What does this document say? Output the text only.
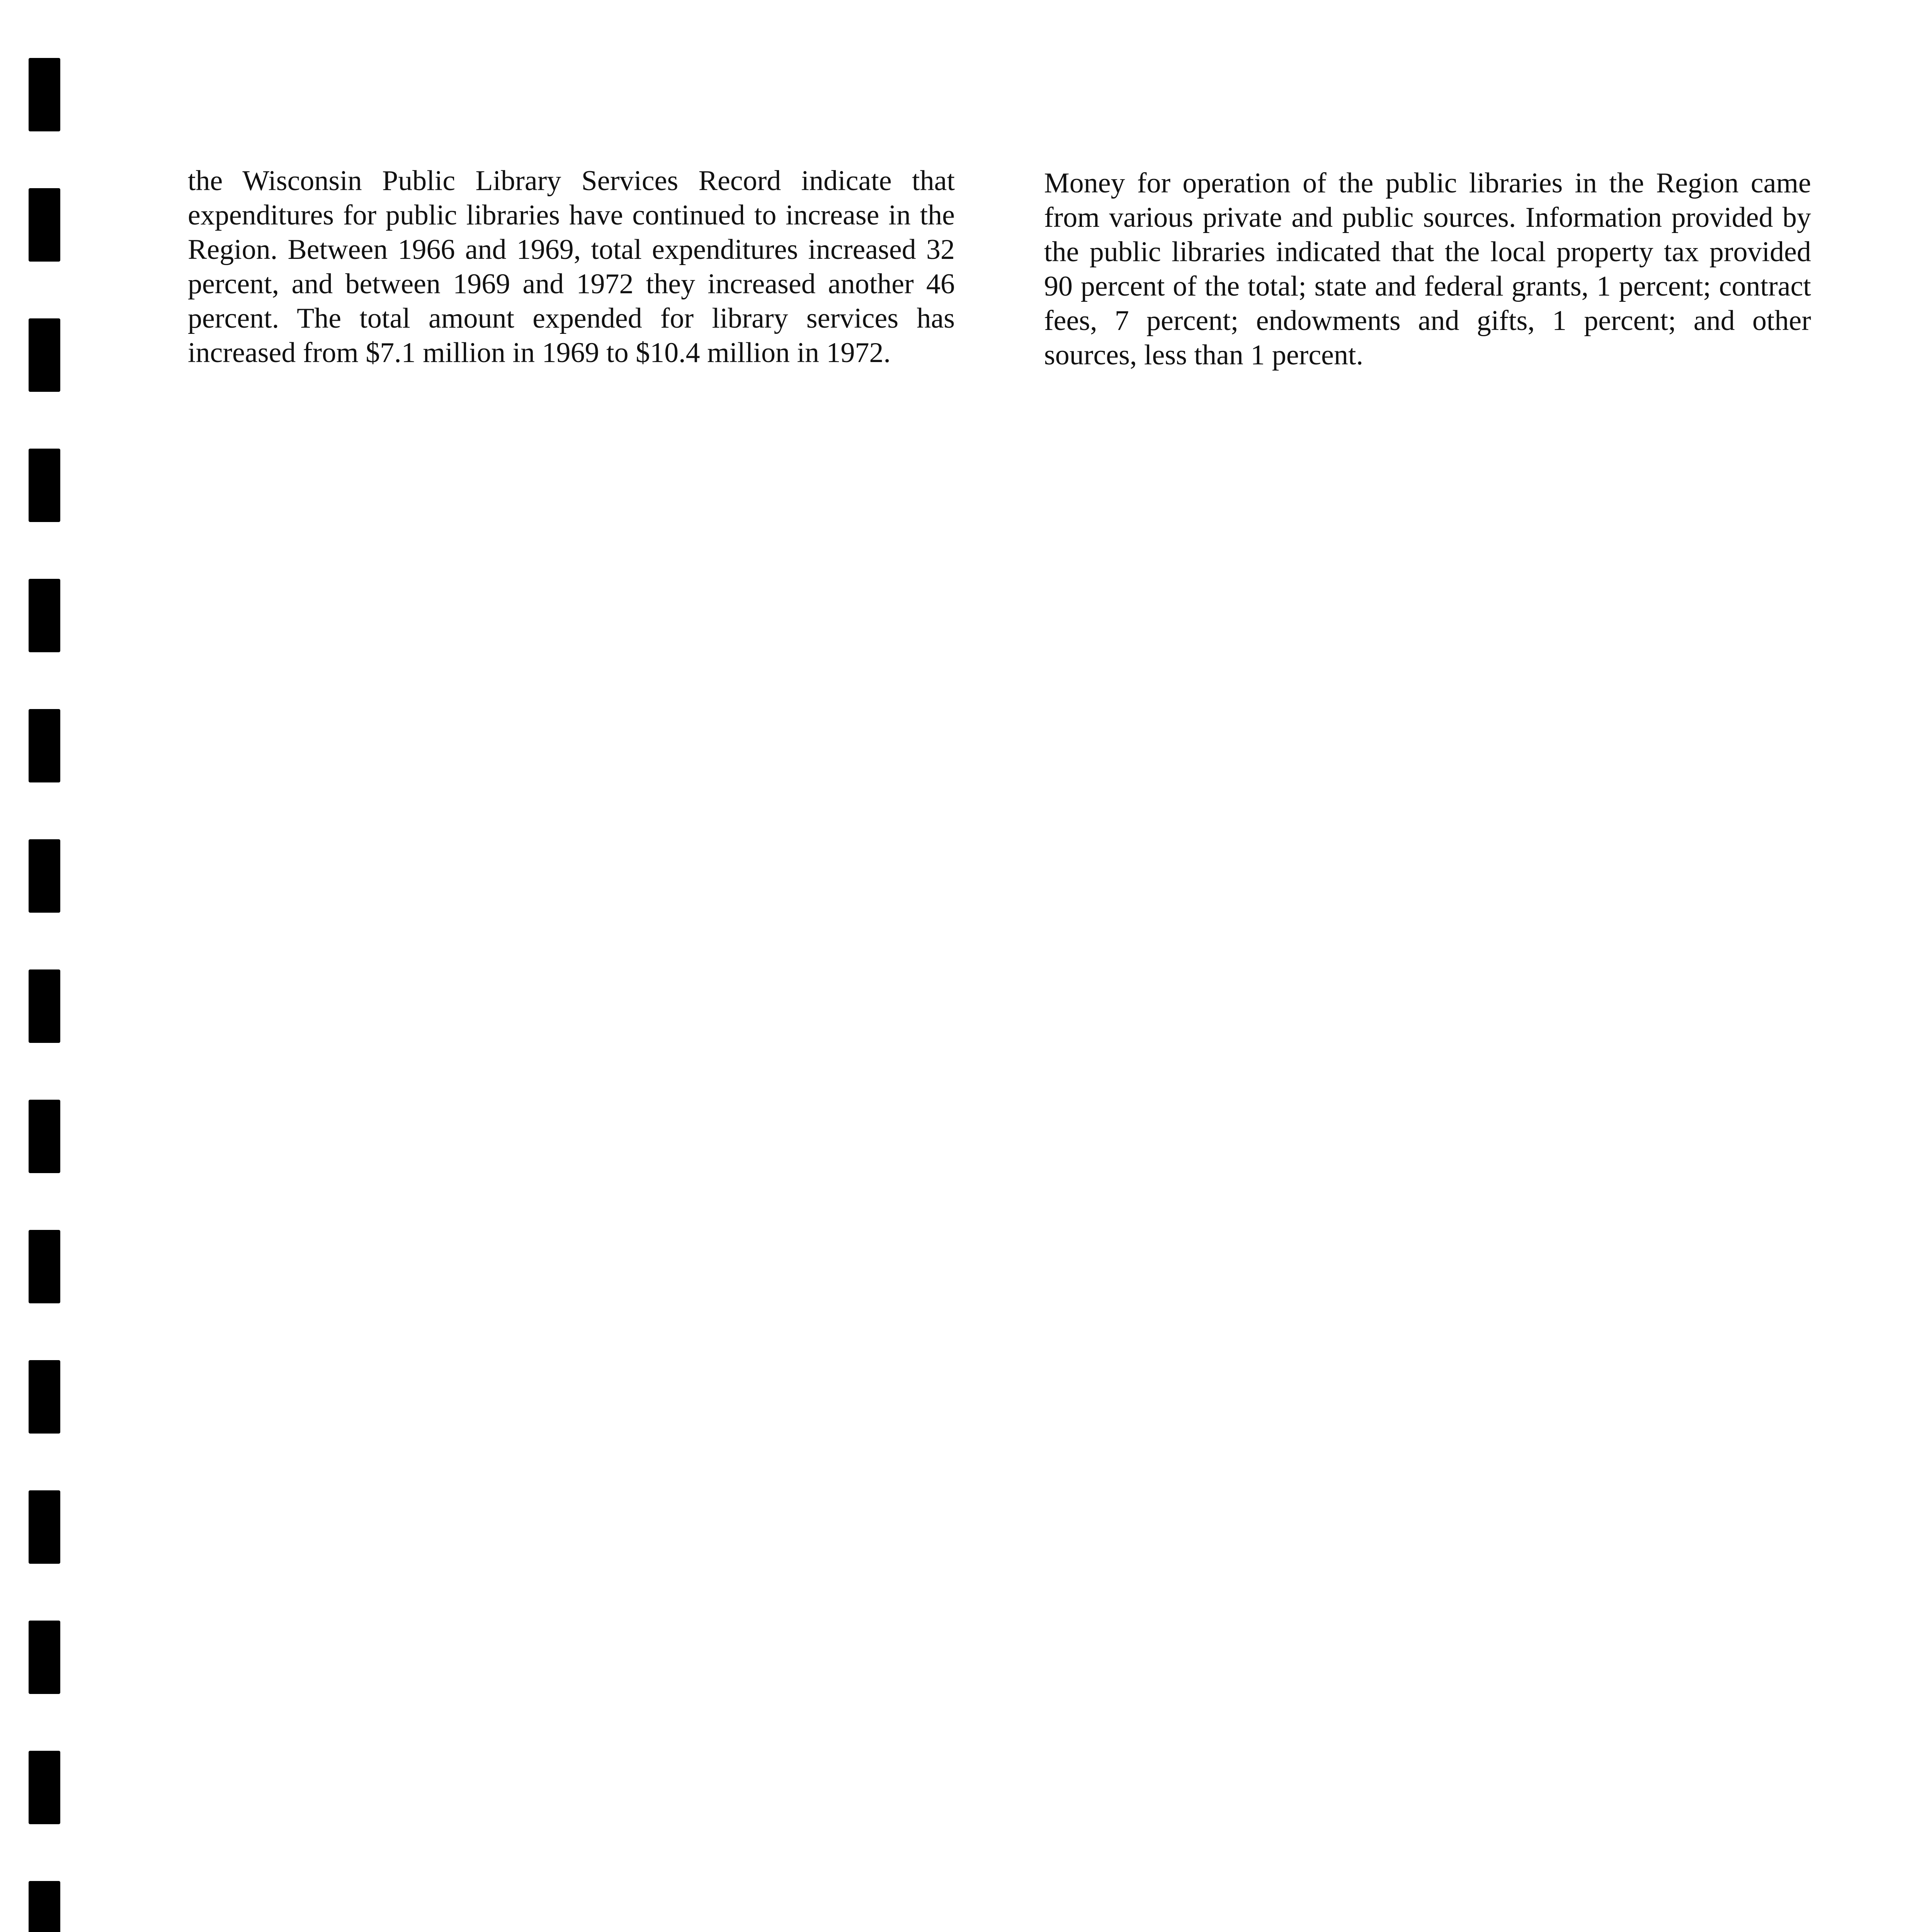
the Wisconsin Public Library Services Record indicate that expenditures for public libraries have continued to increase in the Region. Between 1966 and 1969, total expenditures increased 32 percent, and between 1969 and 1972 they increased another 46 percent. The total amount expended for library services has increased from $7.1 million in 1969 to $10.4 million in 1972.

Money for operation of the public libraries in the Region came from various private and public sources. Information provided by the public libraries indicated that the local property tax provided 90 percent of the total; state and federal grants, 1 percent; contract fees, 7 percent; endowments and gifts, 1 percent; and other sources, less than 1 percent.
